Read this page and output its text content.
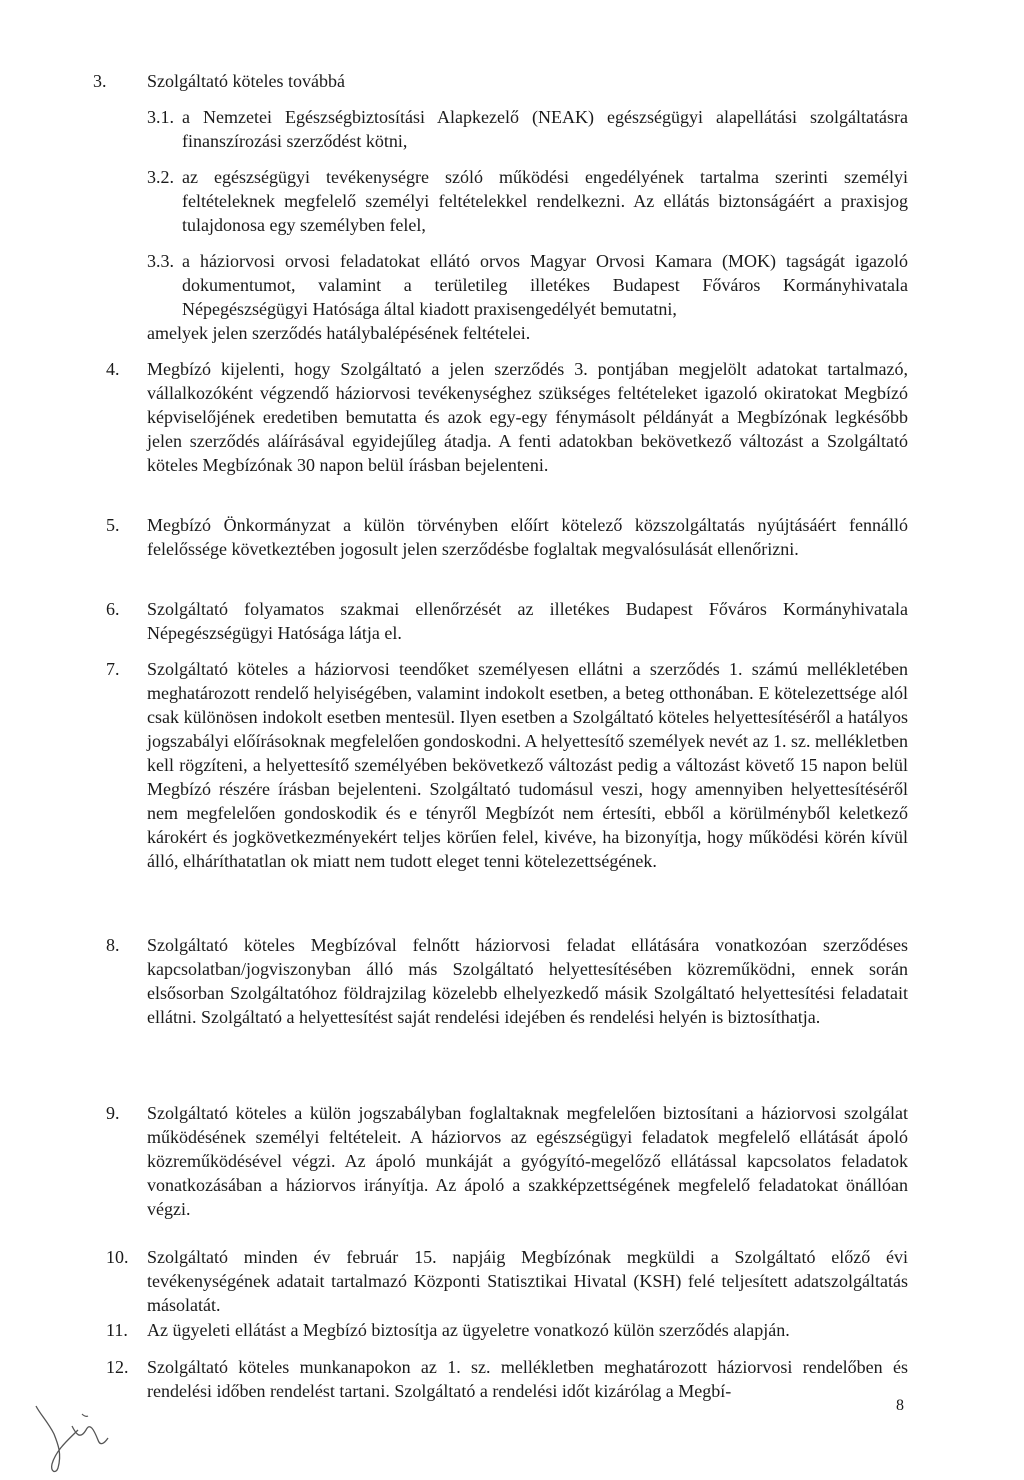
3. Szolgáltató köteles továbbá
3.1. a Nemzetei Egészségbiztosítási Alapkezelő (NEAK) egészségügyi alapellátási szolgáltatásra finanszírozási szerződést kötni,
3.2. az egészségügyi tevékenységre szóló működési engedélyének tartalma szerinti személyi feltételeknek megfelelő személyi feltételekkel rendelkezni. Az ellátás biztonságáért a praxisjog tulajdonosa egy személyben felel,
3.3. a háziorvosi orvosi feladatokat ellátó orvos Magyar Orvosi Kamara (MOK) tagságát igazoló dokumentumot, valamint a területileg illetékes Budapest Főváros Kormányhivatala Népegészségügyi Hatósága által kiadott praxisengedélyét bemutatni,
amelyek jelen szerződés hatálybalépésének feltételei.
4. Megbízó kijelenti, hogy Szolgáltató a jelen szerződés 3. pontjában megjelölt adatokat tartalmazó, vállalkozóként végzendő háziorvosi tevékenységhez szükséges feltételeket igazoló okiratokat Megbízó képviselőjének eredetiben bemutatta és azok egy-egy fénymásolt példányát a Megbízónak legkésőbb jelen szerződés aláírásával egyidejűleg átadja. A fenti adatokban bekövetkező változást a Szolgáltató köteles Megbízónak 30 napon belül írásban bejelenteni.
5. Megbízó Önkormányzat a külön törvényben előírt kötelező közszolgáltatás nyújtásáért fennálló felelőssége következtében jogosult jelen szerződésbe foglaltak megvalósulását ellenőrizni.
6. Szolgáltató folyamatos szakmai ellenőrzését az illetékes Budapest Főváros Kormányhivatala Népegészségügyi Hatósága látja el.
7. Szolgáltató köteles a háziorvosi teendőket személyesen ellátni a szerződés 1. számú mellékletében meghatározott rendelő helyiségében, valamint indokolt esetben, a beteg otthonában. E kötelezettsége alól csak különösen indokolt esetben mentesül. Ilyen esetben a Szolgáltató köteles helyettesítéséről a hatályos jogszabályi előírásoknak megfelelően gondoskodni. A helyettesítő személyek nevét az 1. sz. mellékletben kell rögzíteni, a helyettesítő személyében bekövetkező változást pedig a változást követő 15 napon belül Megbízó részére írásban bejelenteni. Szolgáltató tudomásul veszi, hogy amennyiben helyettesítéséről nem megfelelően gondoskodik és e tényről Megbízót nem értesíti, ebből a körülményből keletkező károkért és jogkövetkezményekért teljes körűen felel, kivéve, ha bizonyítja, hogy működési körén kívül álló, elháríthatatlan ok miatt nem tudott eleget tenni kötelezettségének.
8. Szolgáltató köteles Megbízóval felnőtt háziorvosi feladat ellátására vonatkozóan szerződéses kapcsolatban/jogviszonyban álló más Szolgáltató helyettesítésében közreműködni, ennek során elsősorban Szolgáltatóhoz földrajzilag közelebb elhelyezkedő másik Szolgáltató helyettesítési feladatait ellátni. Szolgáltató a helyettesítést saját rendelési idejében és rendelési helyén is biztosíthatja.
9. Szolgáltató köteles a külön jogszabályban foglaltaknak megfelelően biztosítani a háziorvosi szolgálat működésének személyi feltételeit. A háziorvos az egészségügyi feladatok megfelelő ellátását ápoló közreműködésével végzi. Az ápoló munkáját a gyógyító-megelőző ellátással kapcsolatos feladatok vonatkozásában a háziorvos irányítja. Az ápoló a szakképzettségének megfelelő feladatokat önállóan végzi.
10. Szolgáltató minden év február 15. napjáig Megbízónak megküldi a Szolgáltató előző évi tevékenységének adatait tartalmazó Központi Statisztikai Hivatal (KSH) felé teljesített adatszolgáltatás másolatát.
11. Az ügyeleti ellátást a Megbízó biztosítja az ügyeletre vonatkozó külön szerződés alapján.
12. Szolgáltató köteles munkanapokon az 1. sz. mellékletben meghatározott háziorvosi rendelőben és rendelési időben rendelést tartani. Szolgáltató a rendelési időt kizárólag a Megbí-
8
